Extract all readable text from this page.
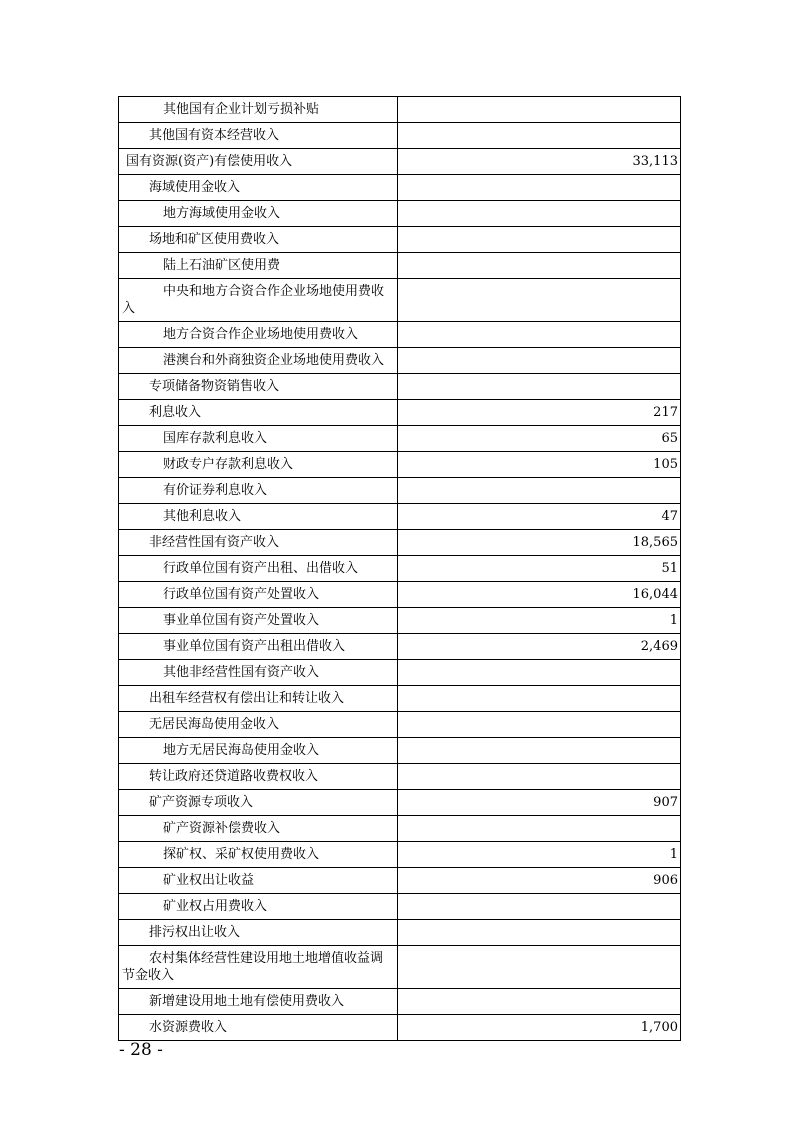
其他国有企业计划亏损补贴	

其他国有资本经营收入	

国有资源(资产)有偿使用收入	33,113

海域使用金收入	

地方海域使用金收入	

场地和矿区使用费收入	

陆上石油矿区使用费	

中央和地方合资合作企业场地使用费收入	

地方合资合作企业场地使用费收入	

港澳台和外商独资企业场地使用费收入	

专项储备物资销售收入	

利息收入	217

国库存款利息收入	65

财政专户存款利息收入	105

有价证券利息收入	

其他利息收入	47

非经营性国有资产收入	18,565

行政单位国有资产出租、出借收入	51

行政单位国有资产处置收入	16,044

事业单位国有资产处置收入	1

事业单位国有资产出租出借收入	2,469

其他非经营性国有资产收入	

出租车经营权有偿出让和转让收入	

无居民海岛使用金收入	

地方无居民海岛使用金收入	

转让政府还贷道路收费权收入	

矿产资源专项收入	907

矿产资源补偿费收入	

探矿权、采矿权使用费收入	1

矿业权出让收益	906

矿业权占用费收入	

排污权出让收入	

农村集体经营性建设用地土地增值收益调节金收入	

新增建设用地土地有偿使用费收入	

水资源费收入	1,700
- 28 -
